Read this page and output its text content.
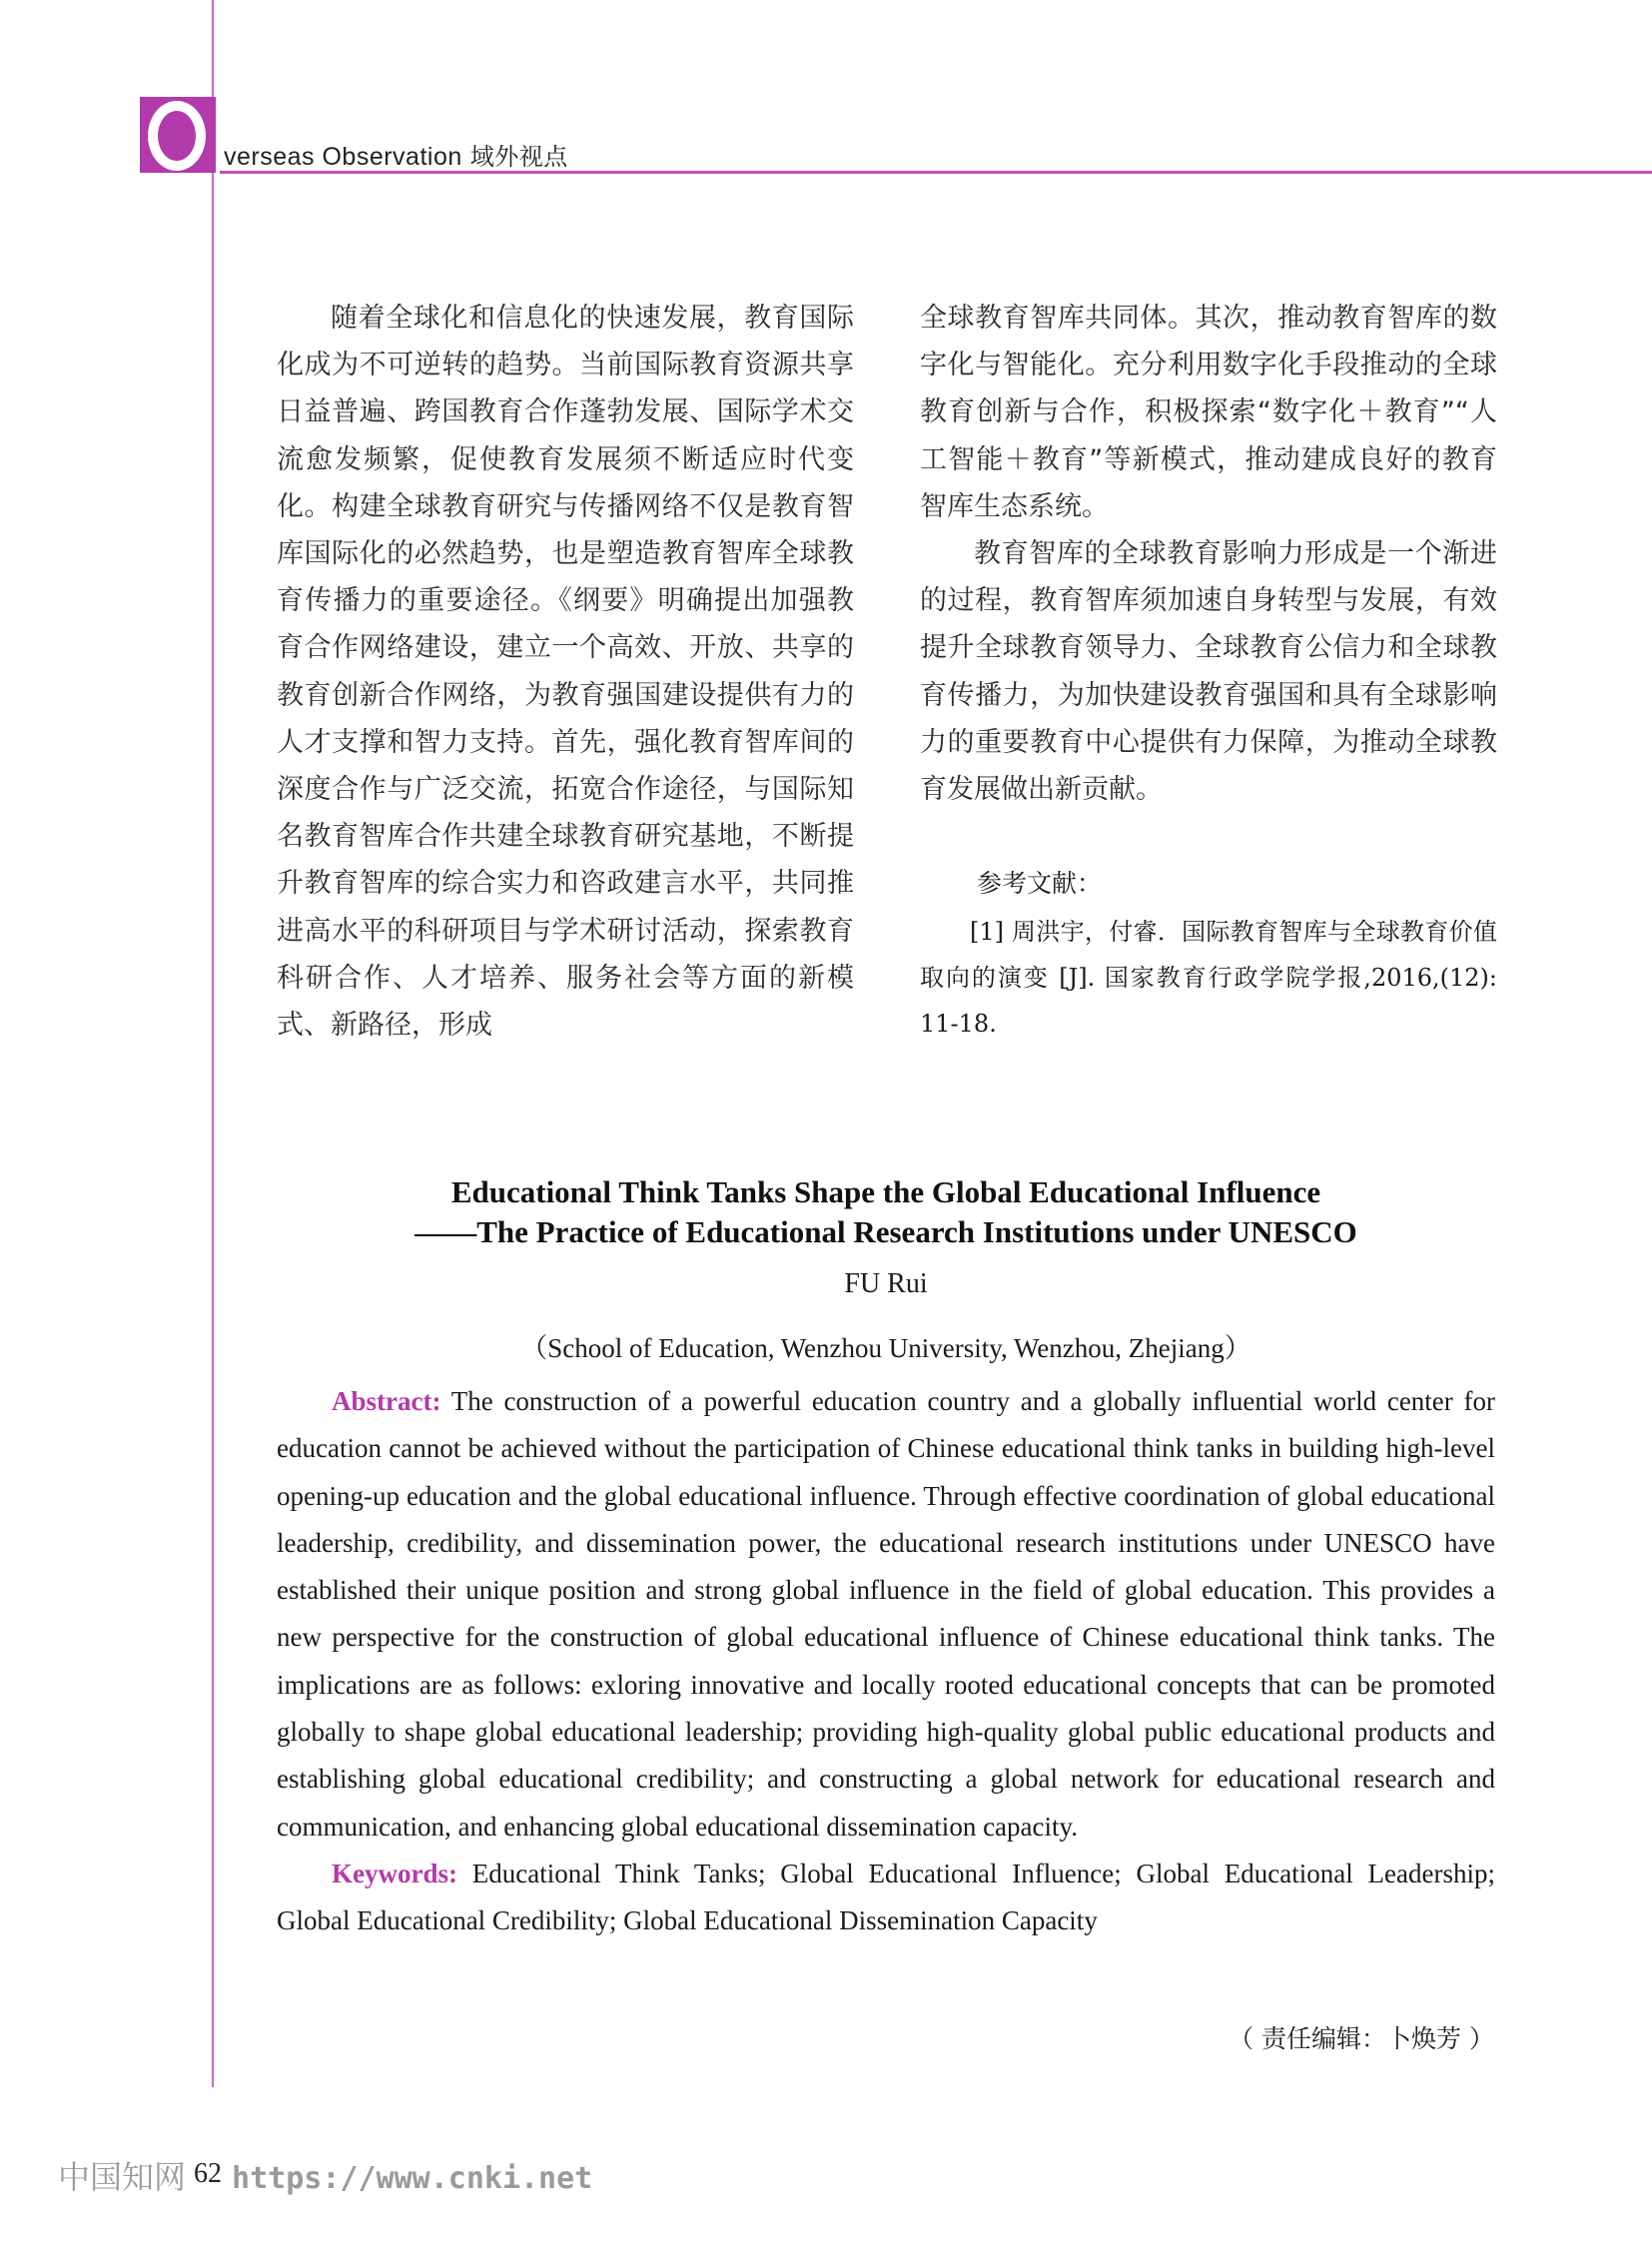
verseas Observation 域外视点

随着全球化和信息化的快速发展，教育国际化成为不可逆转的趋势。当前国际教育资源共享日益普遍、跨国教育合作蓬勃发展、国际学术交流愈发频繁，促使教育发展须不断适应时代变化。构建全球教育研究与传播网络不仅是教育智库国际化的必然趋势，也是塑造教育智库全球教育传播力的重要途径。《纲要》明确提出加强教育合作网络建设，建立一个高效、开放、共享的教育创新合作网络，为教育强国建设提供有力的人才支撑和智力支持。首先，强化教育智库间的深度合作与广泛交流，拓宽合作途径，与国际知名教育智库合作共建全球教育研究基地，不断提升教育智库的综合实力和咨政建言水平，共同推进高水平的科研项目与学术研讨活动，探索教育科研合作、人才培养、服务社会等方面的新模式、新路径，形成

全球教育智库共同体。其次，推动教育智库的数字化与智能化。充分利用数字化手段推动的全球教育创新与合作，积极探索“数字化＋教育”“人工智能＋教育”等新模式，推动建成良好的教育智库生态系统。

教育智库的全球教育影响力形成是一个渐进的过程，教育智库须加速自身转型与发展，有效提升全球教育领导力、全球教育公信力和全球教育传播力，为加快建设教育强国和具有全球影响力的重要教育中心提供有力保障，为推动全球教育发展做出新贡献。

参考文献：
[1] 周洪宇，付睿．国际教育智库与全球教育价值取向的演变 [J]. 国家教育行政学院学报,2016,(12): 11-18.
Educational Think Tanks Shape the Global Educational Influence
——The Practice of Educational Research Institutions under UNESCO
FU Rui
（School of Education, Wenzhou University, Wenzhou, Zhejiang）

Abstract: The construction of a powerful education country and a globally influential world center for education cannot be achieved without the participation of Chinese educational think tanks in building high-level opening-up education and the global educational influence. Through effective coordination of global educational leadership, credibility, and dissemination power, the educational research institutions under UNESCO have established their unique position and strong global influence in the field of global education. This provides a new perspective for the construction of global educational influence of Chinese educational think tanks. The implications are as follows: exloring innovative and locally rooted educational concepts that can be promoted globally to shape global educational leadership; providing high-quality global public educational products and establishing global educational credibility; and constructing a global network for educational research and communication, and enhancing global educational dissemination capacity.

Keywords: Educational Think Tanks; Global Educational Influence; Global Educational Leadership; Global Educational Credibility; Global Educational Dissemination Capacity

（ 责任编辑：卜焕芳 ）
中国知网 62 https://www.cnki.net
